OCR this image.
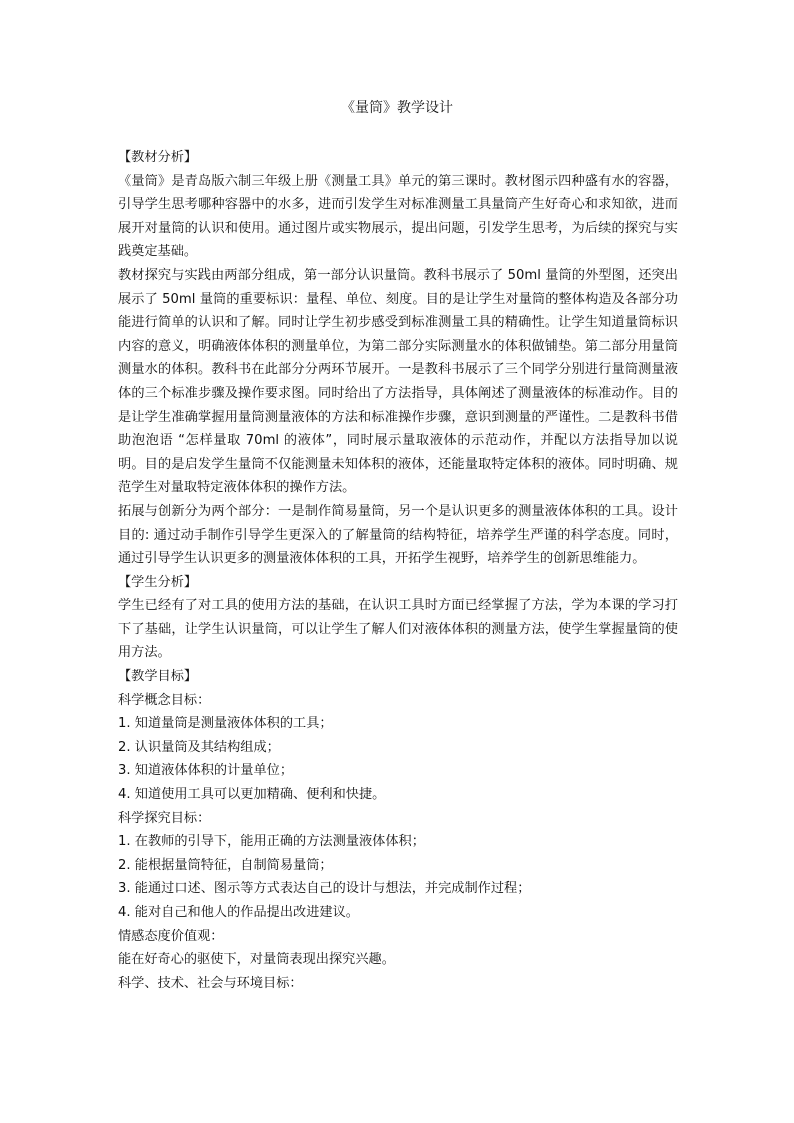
《量筒》教学设计

【教材分析】

《量筒》是青岛版六制三年级上册《测量工具》单元的第三课时。教材图示四种盛有水的容器，引导学生思考哪种容器中的水多，进而引发学生对标准测量工具量筒产生好奇心和求知欲，进而展开对量筒的认识和使用。通过图片或实物展示，提出问题，引发学生思考，为后续的探究与实践奠定基础。

教材探究与实践由两部分组成，第一部分认识量筒。教科书展示了 50ml 量筒的外型图，还突出展示了 50ml 量筒的重要标识：量程、单位、刻度。目的是让学生对量筒的整体构造及各部分功能进行简单的认识和了解。同时让学生初步感受到标准测量工具的精确性。让学生知道量筒标识内容的意义，明确液体体积的测量单位，为第二部分实际测量水的体积做铺垫。第二部分用量筒测量水的体积。教科书在此部分分两环节展开。一是教科书展示了三个同学分别进行量筒测量液体的三个标准步骤及操作要求图。同时给出了方法指导，具体阐述了测量液体的标准动作。目的是让学生准确掌握用量筒测量液体的方法和标准操作步骤，意识到测量的严谨性。二是教科书借助泡泡语 “怎样量取 70ml 的液体”，同时展示量取液体的示范动作，并配以方法指导加以说明。目的是启发学生量筒不仅能测量未知体积的液体，还能量取特定体积的液体。同时明确、规范学生对量取特定液体体积的操作方法。

拓展与创新分为两个部分：一是制作简易量筒，另一个是认识更多的测量液体体积的工具。设计目的: 通过动手制作引导学生更深入的了解量筒的结构特征，培养学生严谨的科学态度。同时，通过引导学生认识更多的测量液体体积的工具，开拓学生视野，培养学生的创新思维能力。

【学生分析】

学生已经有了对工具的使用方法的基础，在认识工具时方面已经掌握了方法，学为本课的学习打下了基础，让学生认识量筒，可以让学生了解人们对液体体积的测量方法，使学生掌握量筒的使用方法。

【教学目标】

科学概念目标：

1. 知道量筒是测量液体体积的工具；

2. 认识量筒及其结构组成；

3. 知道液体体积的计量单位；

4. 知道使用工具可以更加精确、便利和快捷。

科学探究目标：

1. 在教师的引导下，能用正确的方法测量液体体积；

2. 能根据量筒特征，自制简易量筒；

3. 能通过口述、图示等方式表达自己的设计与想法，并完成制作过程；

4. 能对自己和他人的作品提出改进建议。

情感态度价值观：

能在好奇心的驱使下，对量筒表现出探究兴趣。

科学、技术、社会与环境目标：
